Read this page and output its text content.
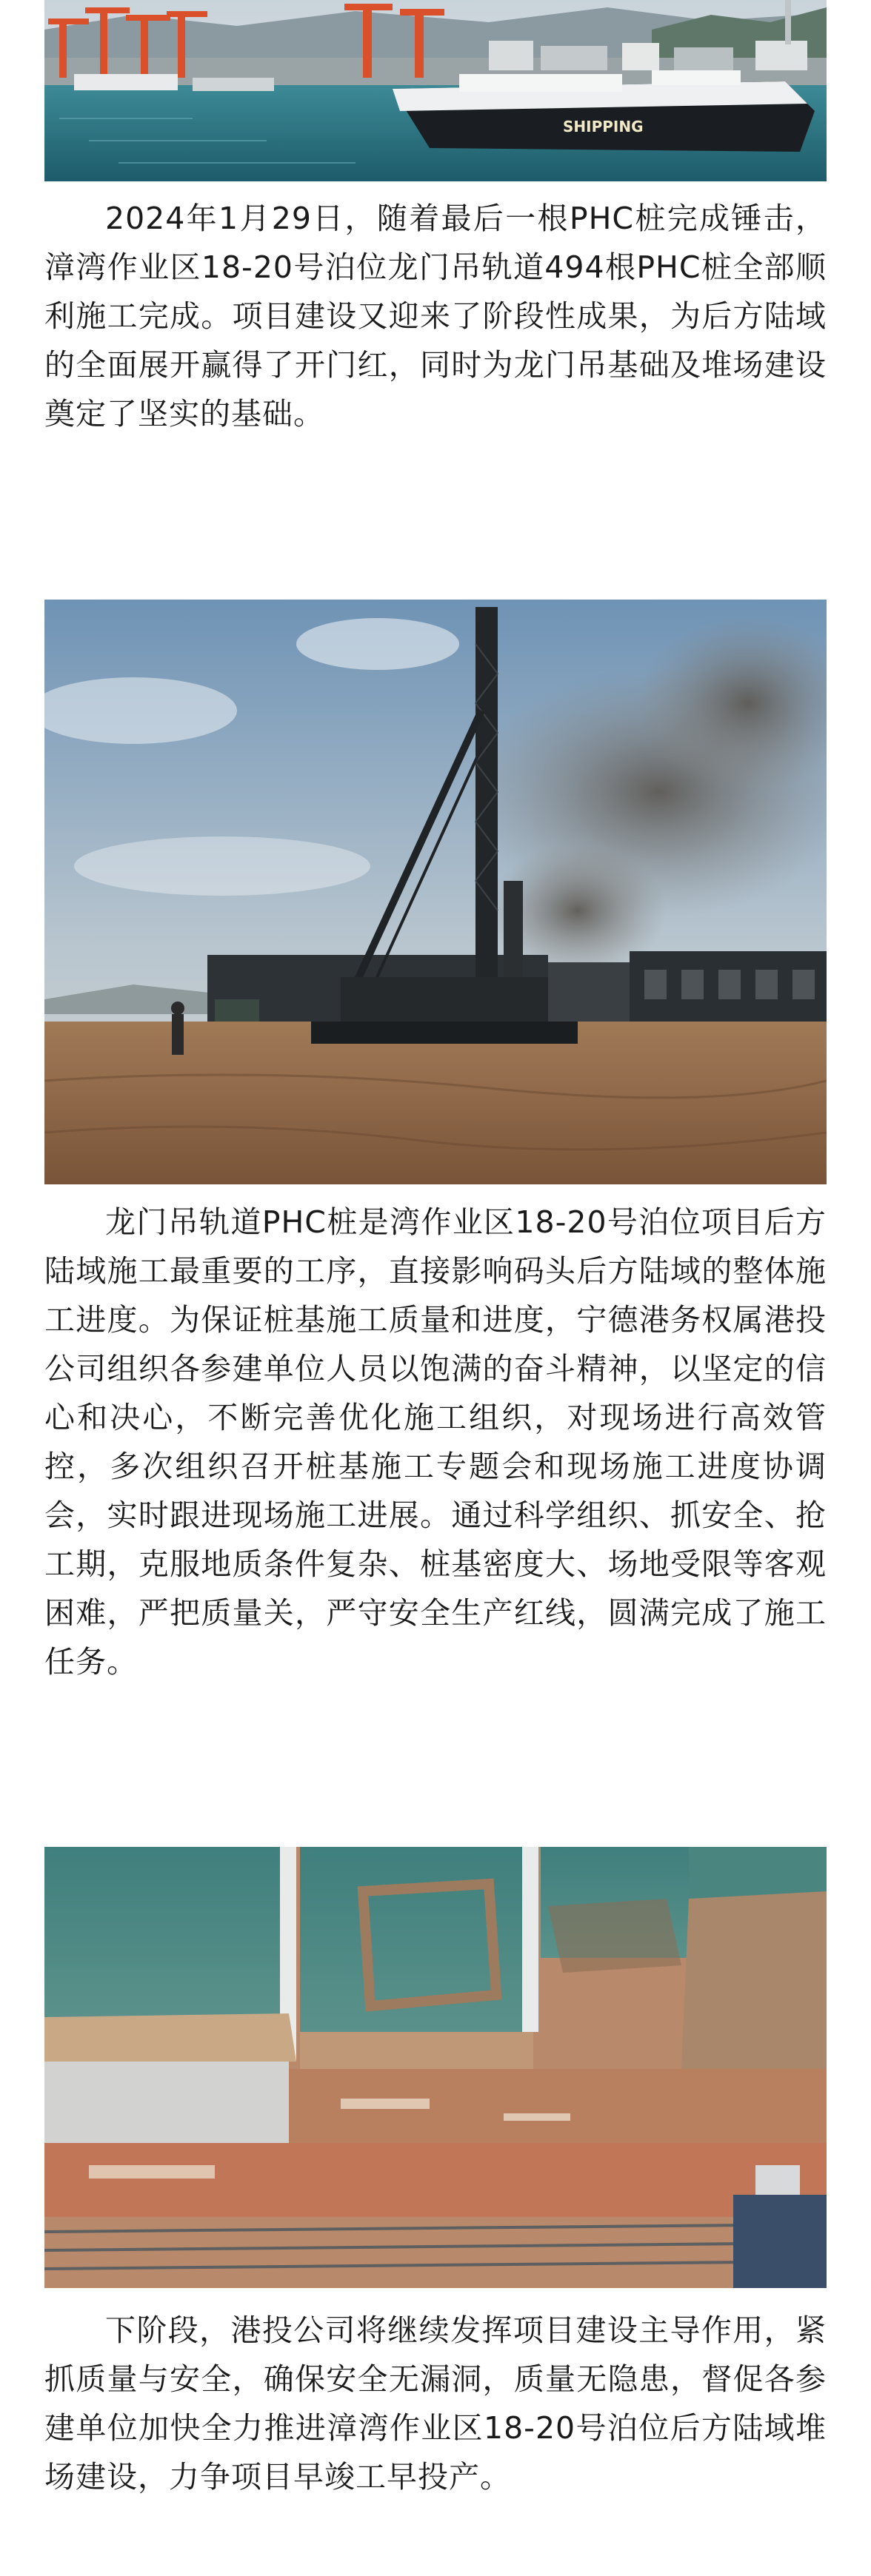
SHIPPING

2024年1月29日，随着最后一根PHC桩完成锤击，漳湾作业区18-20号泊位龙门吊轨道494根PHC桩全部顺利施工完成。项目建设又迎来了阶段性成果，为后方陆域的全面展开赢得了开门红，同时为龙门吊基础及堆场建设奠定了坚实的基础。

龙门吊轨道PHC桩是湾作业区18-20号泊位项目后方陆域施工最重要的工序，直接影响码头后方陆域的整体施工进度。为保证桩基施工质量和进度，宁德港务权属港投公司组织各参建单位人员以饱满的奋斗精神，以坚定的信心和决心，不断完善优化施工组织，对现场进行高效管控，多次组织召开桩基施工专题会和现场施工进度协调会，实时跟进现场施工进展。通过科学组织、抓安全、抢工期，克服地质条件复杂、桩基密度大、场地受限等客观困难，严把质量关，严守安全生产红线，圆满完成了施工任务。

下阶段，港投公司将继续发挥项目建设主导作用，紧抓质量与安全，确保安全无漏洞，质量无隐患，督促各参建单位加快全力推进漳湾作业区18-20号泊位后方陆域堆场建设，力争项目早竣工早投产。
